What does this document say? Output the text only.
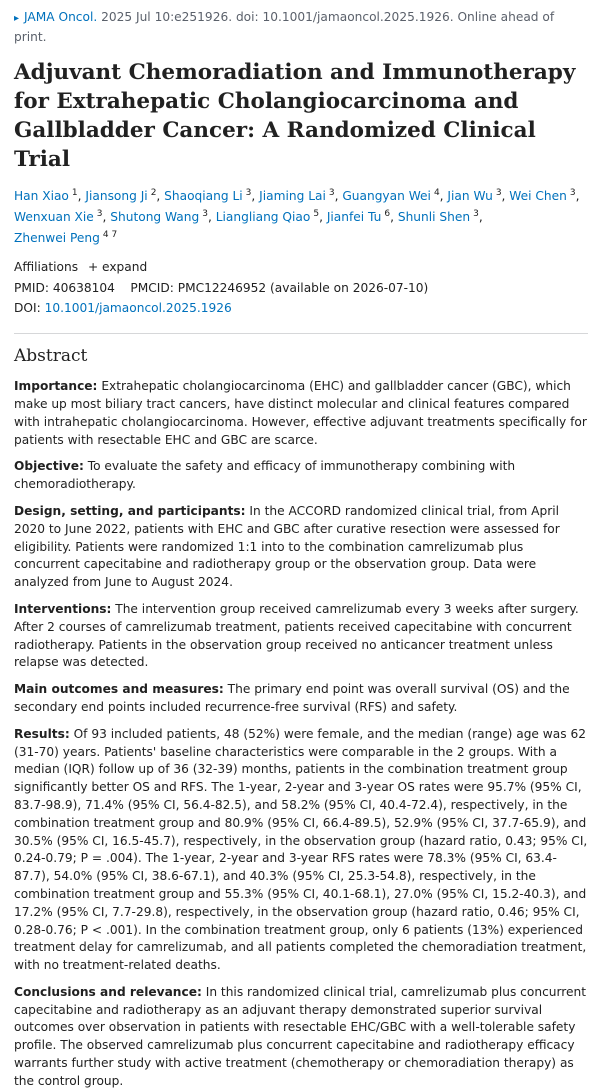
▸ JAMA Oncol. 2025 Jul 10:e251926. doi: 10.1001/jamaoncol.2025.1926. Online ahead of print.
Adjuvant Chemoradiation and Immunotherapy for Extrahepatic Cholangiocarcinoma and Gallbladder Cancer: A Randomized Clinical Trial
Han Xiao $^1$, Jiansong Ji $^2$, Shaoqiang Li $^3$, Jiaming Lai $^3$, Guangyan Wei $^4$, Jian Wu $^3$, Wei Chen $^3$, Wenxuan Xie $^3$, Shutong Wang $^3$, Liangliang Qiao $^5$, Jianfei Tu $^6$, Shunli Shen $^3$, Zhenwei Peng $^{4 7}$
Affiliations + expand
PMID: 40638104 PMCID: PMC12246952 (available on 2026-07-10)
DOI: 10.1001/jamaoncol.2025.1926
Abstract

Importance: Extrahepatic cholangiocarcinoma (EHC) and gallbladder cancer (GBC), which make up most biliary tract cancers, have distinct molecular and clinical features compared with intrahepatic cholangiocarcinoma. However, effective adjuvant treatments specifically for patients with resectable EHC and GBC are scarce.

Objective: To evaluate the safety and efficacy of immunotherapy combining with chemoradiotherapy.

Design, setting, and participants: In the ACCORD randomized clinical trial, from April 2020 to June 2022, patients with EHC and GBC after curative resection were assessed for eligibility. Patients were randomized 1:1 into to the combination camrelizumab plus concurrent capecitabine and radiotherapy group or the observation group. Data were analyzed from June to August 2024.

Interventions: The intervention group received camrelizumab every 3 weeks after surgery. After 2 courses of camrelizumab treatment, patients received capecitabine with concurrent radiotherapy. Patients in the observation group received no anticancer treatment unless relapse was detected.

Main outcomes and measures: The primary end point was overall survival (OS) and the secondary end points included recurrence-free survival (RFS) and safety.

Results: Of 93 included patients, 48 (52%) were female, and the median (range) age was 62 (31-70) years. Patients' baseline characteristics were comparable in the 2 groups. With a median (IQR) follow up of 36 (32-39) months, patients in the combination treatment group significantly better OS and RFS. The 1-year, 2-year and 3-year OS rates were 95.7% (95% CI, 83.7-98.9), 71.4% (95% CI, 56.4-82.5), and 58.2% (95% CI, 40.4-72.4), respectively, in the combination treatment group and 80.9% (95% CI, 66.4-89.5), 52.9% (95% CI, 37.7-65.9), and 30.5% (95% CI, 16.5-45.7), respectively, in the observation group (hazard ratio, 0.43; 95% CI, 0.24-0.79; P = .004). The 1-year, 2-year and 3-year RFS rates were 78.3% (95% CI, 63.4-87.7), 54.0% (95% CI, 38.6-67.1), and 40.3% (95% CI, 25.3-54.8), respectively, in the combination treatment group and 55.3% (95% CI, 40.1-68.1), 27.0% (95% CI, 15.2-40.3), and 17.2% (95% CI, 7.7-29.8), respectively, in the observation group (hazard ratio, 0.46; 95% CI, 0.28-0.76; P < .001). In the combination treatment group, only 6 patients (13%) experienced treatment delay for camrelizumab, and all patients completed the chemoradiation treatment, with no treatment-related deaths.

Conclusions and relevance: In this randomized clinical trial, camrelizumab plus concurrent capecitabine and radiotherapy as an adjuvant therapy demonstrated superior survival outcomes over observation in patients with resectable EHC/GBC with a well-tolerable safety profile. The observed camrelizumab plus concurrent capecitabine and radiotherapy efficacy warrants further study with active treatment (chemotherapy or chemoradiation therapy) as the control group.
